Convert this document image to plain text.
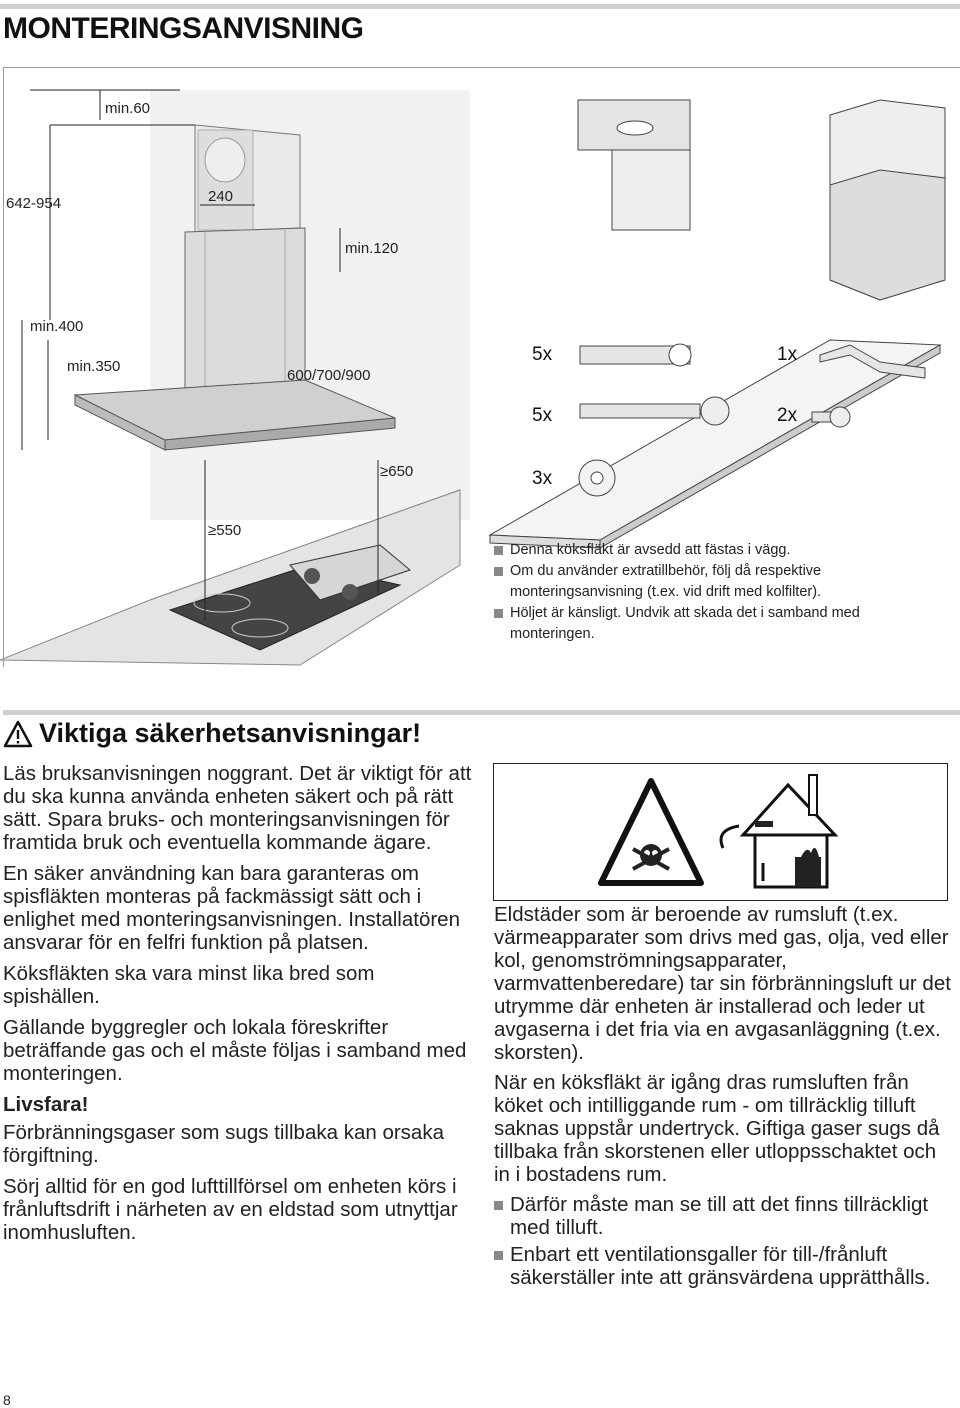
MONTERINGSANVISNING
min.60
642-954	240
min.120
min.400
min.350
600/700/900
≥650
≥550
5x	1x
5x	2x
3x
Denna köksfläkt är avsedd att fästas i vägg.
Om du använder extratillbehör, följ då respektive monteringsanvisning (t.ex. vid drift med kolfilter).
Höljet är känsligt. Undvik att skada det i samband med monteringen.
Viktiga säkerhetsanvisningar!

Läs bruksanvisningen noggrant. Det är viktigt för att du ska kunna använda enheten säkert och på rätt sätt. Spara bruks- och monteringsanvisningen för framtida bruk och eventuella kommande ägare.

En säker användning kan bara garanteras om spisfläkten monteras på fackmässigt sätt och i enlighet med monteringsanvisningen. Installatören ansvarar för en felfri funktion på platsen.

Köksfläkten ska vara minst lika bred som spishällen.

Gällande byggregler och lokala föreskrifter beträffande gas och el måste följas i samband med monteringen.

Livsfara!

Förbränningsgaser som sugs tillbaka kan orsaka förgiftning.

Sörj alltid för en god lufttillförsel om enheten körs i frånluftsdrift i närheten av en eldstad som utnyttjar inomhusluften.

Eldstäder som är beroende av rumsluft (t.ex. värmeapparater som drivs med gas, olja, ved eller kol, genomströmningsapparater, varmvattenberedare) tar sin förbränningsluft ur det utrymme där enheten är installerad och leder ut avgaserna i det fria via en avgasanläggning (t.ex. skorsten).

När en köksfläkt är igång dras rumsluften från köket och intilliggande rum - om tillräcklig tilluft saknas uppstår undertryck. Giftiga gaser sugs då tillbaka från skorstenen eller utloppsschaktet och in i bostadens rum.

Därför måste man se till att det finns tillräckligt med tilluft.
Enbart ett ventilationsgaller för till-/frånluft säkerställer inte att gränsvärdena upprätthålls.
8
